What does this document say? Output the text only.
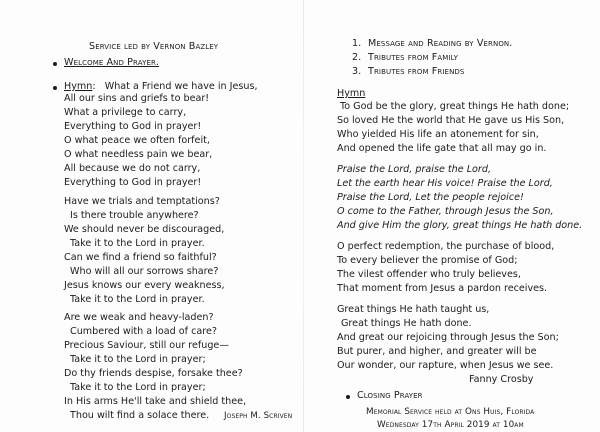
Service led by Vernon Bazley
Welcome And Prayer.
Hymn:   What a Friend we have in Jesus,
All our sins and griefs to bear!
What a privilege to carry,
Everything to God in prayer!
O what peace we often forfeit,
O what needless pain we bear,
All because we do not carry,
Everything to God in prayer!
Have we trials and temptations?
Is there trouble anywhere?
We should never be discouraged,
Take it to the Lord in prayer.
Can we find a friend so faithful?
Who will all our sorrows share?
Jesus knows our every weakness,
Take it to the Lord in prayer.
Are we weak and heavy-laden?
Cumbered with a load of care?
Precious Saviour, still our refuge—
Take it to the Lord in prayer;
Do thy friends despise, forsake thee?
Take it to the Lord in prayer;
In His arms He'll take and shield thee,
Thou wilt find a solace there. Joseph M. Scriven
1. Message and Reading by Vernon.
2. Tributes from Family
3. Tributes from Friends
Hymn
To God be the glory, great things He hath done;
So loved He the world that He gave us His Son,
Who yielded His life an atonement for sin,
And opened the life gate that all may go in.
Praise the Lord, praise the Lord,
Let the earth hear His voice! Praise the Lord,
Praise the Lord, Let the people rejoice!
O come to the Father, through Jesus the Son,
And give Him the glory, great things He hath done.
O perfect redemption, the purchase of blood,
To every believer the promise of God;
The vilest offender who truly believes,
That moment from Jesus a pardon receives.
Great things He hath taught us,
Great things He hath done.
And great our rejoicing through Jesus the Son;
But purer, and higher, and greater will be
Our wonder, our rapture, when Jesus we see.
Fanny Crosby
Closing Prayer
Memorial Service held at Ons Huis, Florida
Wednesday 17th April 2019 at 10am
